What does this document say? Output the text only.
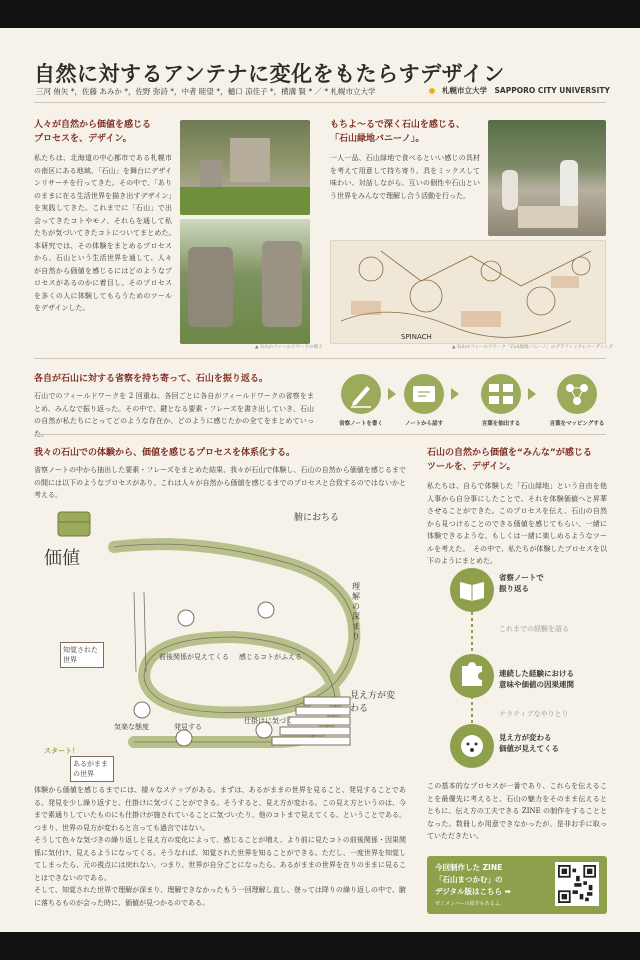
自然に対するアンテナに変化をもたらすデザイン
三河 侑矢 *，佐藤 あみか *，佐野 弥詩 *，中者 睦望 *，樋口 涼佳子 *，横溝 賢 * ／ * 札幌市立大学	札幌市立大学　SAPPORO CITY UNIVERSITY
人々が自然から価値を感じる
プロセスを、デザイン。
私たちは、北海道の中心都市である札幌市の南区にある地域、「石山」を舞台にデザインリサーチを行ってきた。その中で、「ありのままに在る生活世界を描き出すデザイン」を実践してきた。これまでに「石山」で出会ってきたコトやモノ、それらを通して私たちが気づいてきたコトについてまとめた。　本研究では、その体験をまとめるプロセスから、石山という生活世界を通して、人々が自然から価値を感じるにはどのようなプロセスがあるのかに着目し、そのプロセスを多くの人に体験してもらうためのツールをデザインした。
▲ 石山のフィールドワークの様子
もちよ〜るで深く石山を感じる、
「石山緑地バニーノ」。
一人一品、石山緑地で食べるといい感じの具材を考えて用意して持ち寄り、具をミックスして味わい、対話しながら、互いの個性や石山という世界をみんなで理解し合う活動を行った。
SPINACH
▲ 石山のフィールドワーク「石山緑地バニーノ」のグラフィックレコーディング
各自が石山に対する省察を持ち寄って、石山を振り返る。
石山でのフィールドワークを 2 回重ね、各回ごとに各自がフィールドワークの省察をまとめ、みんなで振り返った。その中で、鍵となる要素・フレーズを書き出していき、石山の自然が私たちにとってどのような存在か、どのように感じたかの全てをまとめていっ	省察ノートを書く	ノートから話す	言葉を抽出する	言葉をマッピングする
我々の石山での体験から、価値を感じるプロセスを体系化する。
省察ノートの中から抽出した要素・フレーズをまとめた結果、我々が石山で体験し、石山の自然から価値を感じるまでの間には以下のようなプロセスがあり、これは人々が自然から価値を感じるまでのプロセスと合致するのではないかと考える。
価値
腑におちる
理解の深まり
知覚された世界	前後関係が見えてくる 感じるコトがふえる
見え方が変わる
気楽な態度	発見する
仕掛けに気づく
スタート！
あるがままの世界
体験から価値を感じるまでには、様々なステップがある。まずは、あるがままの世界を見ること、発見することである。発見を少し繰り返すと、仕掛けに気づくことができる。そうすると、見え方が変わる。この見え方というのは、今まで素通りしていたものにも仕掛けが施されていることに気づいたり、他のコトまで見えてくる、ということである。つまり、世界の見方が変わると言っても過言ではない。
そうして色々な気づきの繰り返しと見え方の変化によって、感じることが増え、より前に見たコトの前後関係・因果関係に気付け、見えるようになってくる。そうなれば、知覚された世界を知ることができる。ただし、一度世界を知覚してしまったら、元の視点には戻れない。つまり、世界が自分ごとになったら、あるがままの世界を在りのままに見ることはできないのである。
そして、知覚された世界で理解が深まり、理解できなかったもう一回理解し直し、登っては降りの繰り返しの中で、腑に落ちるものが会った時に、価値が見つかるのである。
石山の自然から価値を“みんな”が感じる
ツールを、デザイン。
私たちは、自らで体験した「石山緑地」という自由を他人事から自分事にしたことで、それを体験価値へと昇華させることができた。このプロセスを伝え、石山の自然から見つけることのできる価値を感じてもらい、一緒に体験できるような、もしくは一緒に楽しめるようなツールを考えた。　その中で、私たちが体験したプロセスを以下のようにまとめた。
省察ノートで
振り返る
これまでの経験を語る
連続した経験における
意味や価値の因果連関
ナラティブなやりとり
見え方が変わる
価値が見えてくる
この基本的なプロセスが一番であり、これらを伝えることを最優先に考えると、石山の魅力をそのまま伝えるとともに、伝え方の工夫できる ZINE の制作をすることとなった。数冊しか用意できなかったが、是非お手に取っていただきたい。
今回制作した ZINE
「石山まつかむ」の
デジタル版はこちら ➡
ゼミメンバーの紹介もあるよ。
